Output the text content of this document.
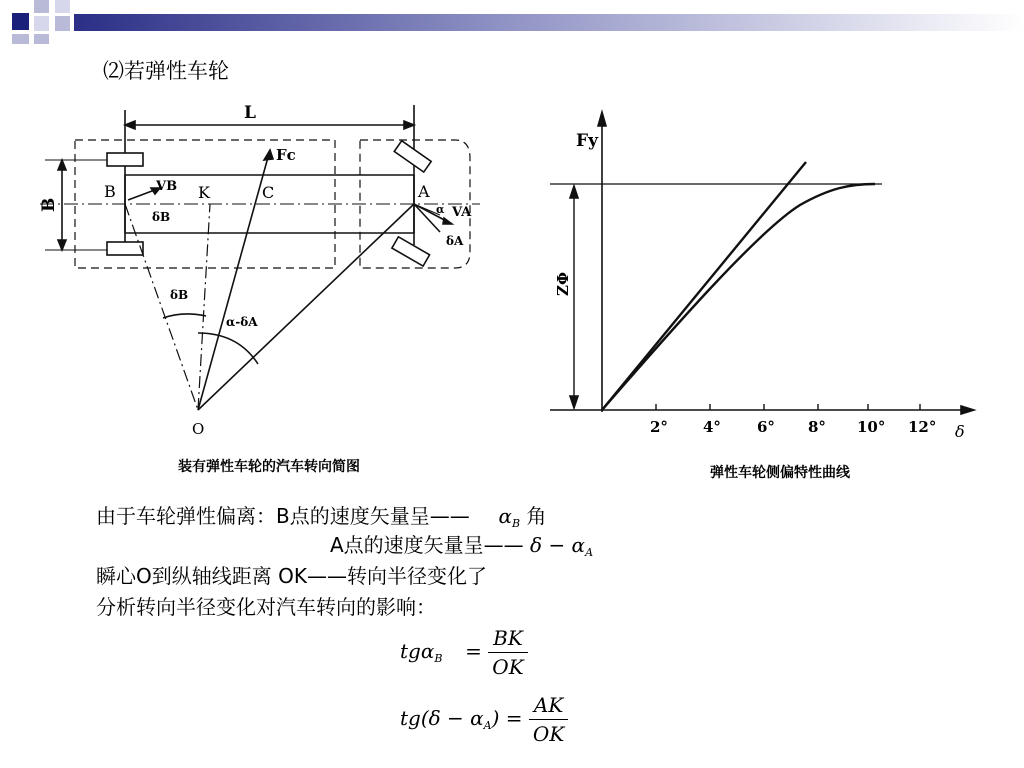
⑵若弹性车轮
L
B
B	A
K	C
O
Fc
VB
δB
α VA
δA
δB
α-δA
装有弹性车轮的汽车转向简图
Fy
δ
ZΦ
2° 4° 6° 8° 10° 12°
弹性车轮侧偏特性曲线
由于车轮弹性偏离：B点的速度矢量呈—— $\alpha_B$ 角
A点的速度矢量呈—— $\delta - \alpha_A$
瞬心O到纵轴线距离 OK——转向半径变化了
分析转向半径变化对汽车转向的影响：
$tg\alpha_B = \frac{BK}{OK}$
$tg(\delta - \alpha_A) = \frac{AK}{OK}$
